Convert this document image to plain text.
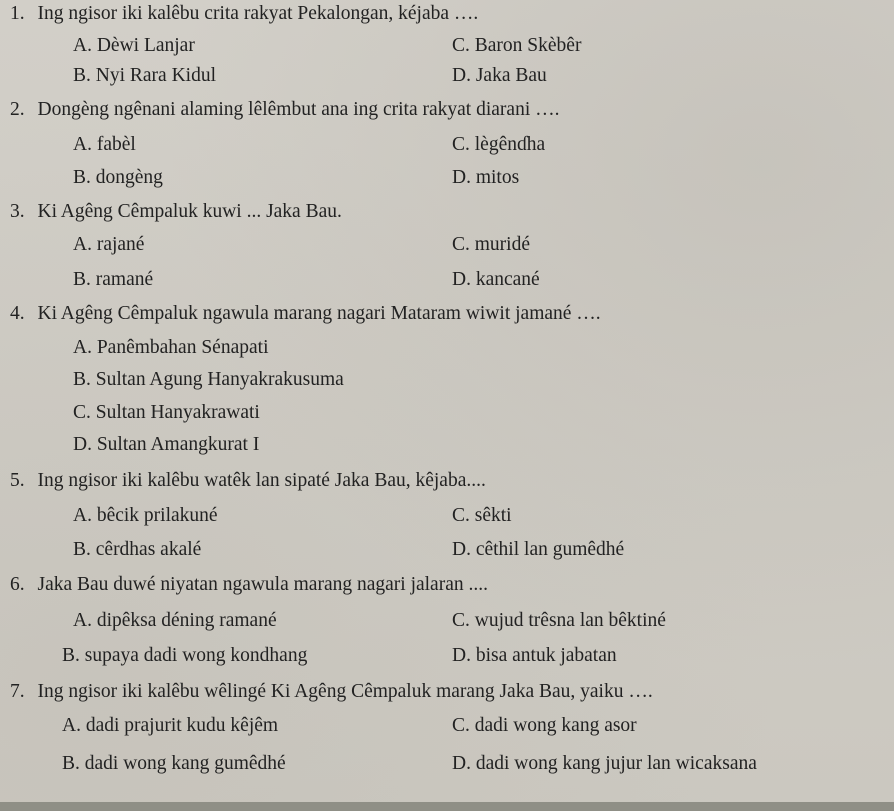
1. Ing ngisor iki kalêbu crita rakyat Pekalongan, kéjaba ….
A. Dèwi Lanjar	C. Baron Skèbêr
B. Nyi Rara Kidul	D. Jaka Bau
2. Dongèng ngênani alaming lêlêmbut ana ing crita rakyat diarani ….
A. fabèl	C. lègênɗha
B. dongèng	D. mitos
3. Ki Agêng Cêmpaluk kuwi ... Jaka Bau.
A. rajané	C. muridé
B. ramané	D. kancané
4. Ki Agêng Cêmpaluk ngawula marang nagari Mataram wiwit jamané ….
A. Panêmbahan Sénapati
B. Sultan Agung Hanyakrakusuma
C. Sultan Hanyakrawati
D. Sultan Amangkurat I
5. Ing ngisor iki kalêbu watêk lan sipaté Jaka Bau, kêjaba....
A. bêcik prilakuné	C. sêkti
B. cêrdhas akalé	D. cêthil lan gumêdhé
6. Jaka Bau duwé niyatan ngawula marang nagari jalaran ....
A. dipêksa déning ramané	C. wujud trêsna lan bêktiné
B. supaya dadi wong kondhang	D. bisa antuk jabatan
7. Ing ngisor iki kalêbu wêlingé Ki Agêng Cêmpaluk marang Jaka Bau, yaiku ….
A. dadi prajurit kudu kêjêm	C. dadi wong kang asor
B. dadi wong kang gumêdhé	D. dadi wong kang jujur lan wicaksana
